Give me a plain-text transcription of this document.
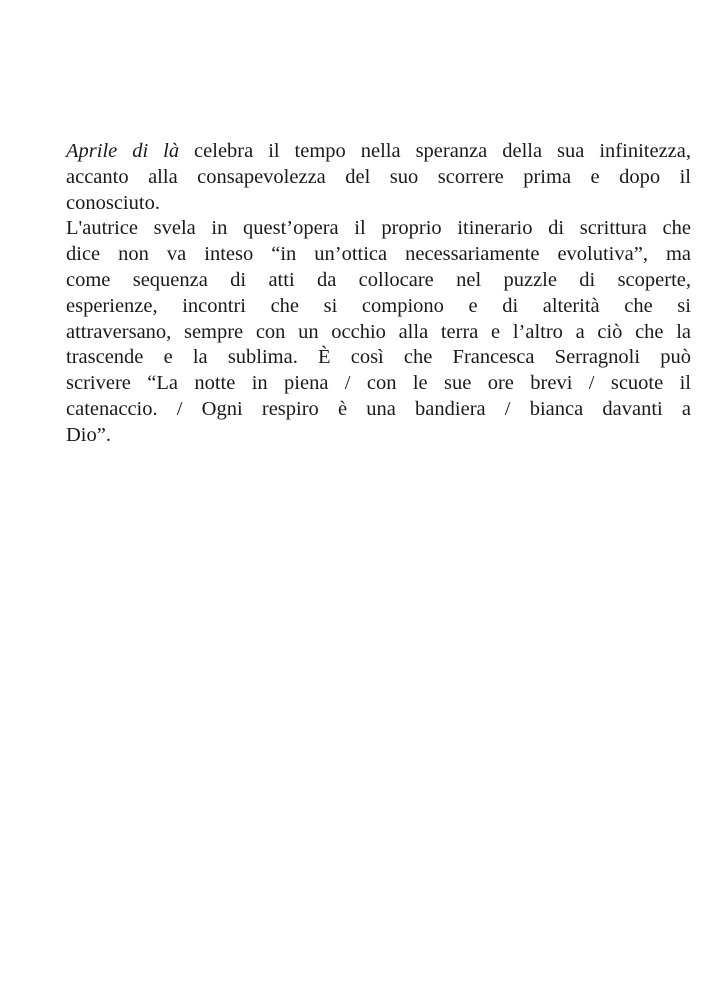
Aprile di là celebra il tempo nella speranza della sua infinitezza,
accanto alla consapevolezza del suo scorrere prima e dopo il
conosciuto.
L'autrice svela in quest’opera il proprio itinerario di scrittura che
dice non va inteso “in un’ottica necessariamente evolutiva”, ma
come sequenza di atti da collocare nel puzzle di scoperte,
esperienze, incontri che si compiono e di alterità che si
attraversano, sempre con un occhio alla terra e l’altro a ciò che la
trascende e la sublima. È così che Francesca Serragnoli può
scrivere “La notte in piena / con le sue ore brevi / scuote il
catenaccio. / Ogni respiro è una bandiera / bianca davanti a
Dio”.
